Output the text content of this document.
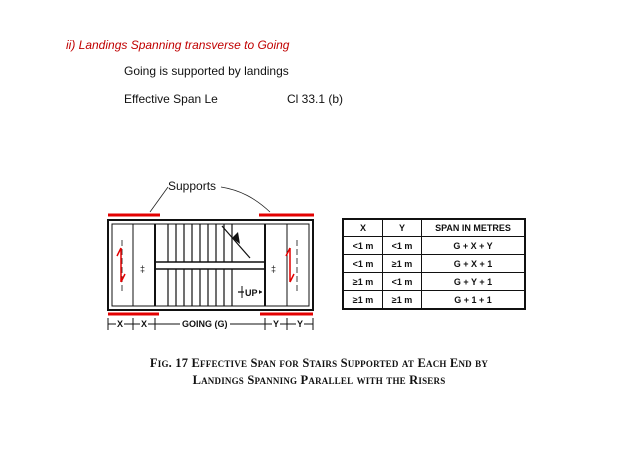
ii) Landings Spanning transverse to Going
Going is supported by landings
Effective Span Le	Cl 33.1 (b)
Supports
‡	‡
UP
X X	GOING (G)	Y Y
X	Y	SPAN IN METRES
<1 m	<1 m	G + X + Y
<1 m	≥1 m	G + X + 1
≥1 m	<1 m	G + Y + 1
≥1 m	≥1 m	G + 1 + 1
Fig. 17 Effective Span for Stairs Supported at Each End by
Landings Spanning Parallel with the Risers
